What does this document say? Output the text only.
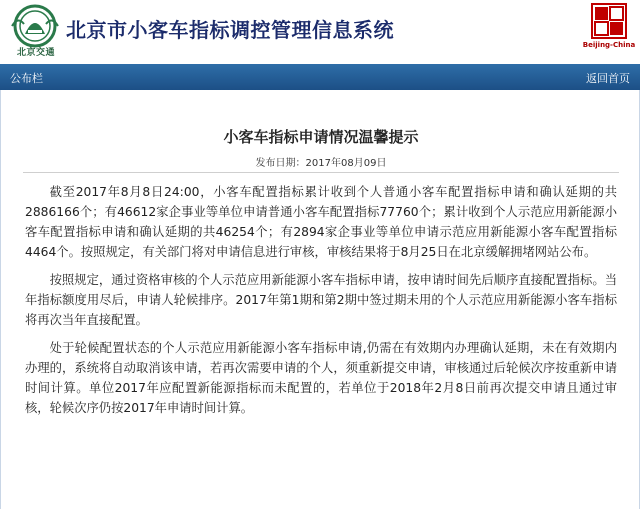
北京交通
北京市小客车指标调控管理信息系统
Beijing-China
公布栏	返回首页
小客车指标申请情况温馨提示
发布日期：2017年08月09日

截至2017年8月8日24:00，小客车配置指标累计收到个人普通小客车配置指标申请和确认延期的共2886166个；有46612家企事业等单位申请普通小客车配置指标77760个；累计收到个人示范应用新能源小客车配置指标申请和确认延期的共46254个；有2894家企事业等单位申请示范应用新能源小客车配置指标4464个。按照规定，有关部门将对申请信息进行审核，审核结果将于8月25日在北京缓解拥堵网站公布。

按照规定，通过资格审核的个人示范应用新能源小客车指标申请，按申请时间先后顺序直接配置指标。当年指标额度用尽后，申请人轮候排序。2017年第1期和第2期中签过期未用的个人示范应用新能源小客车指标将再次当年直接配置。

处于轮候配置状态的个人示范应用新能源小客车指标申请,仍需在有效期内办理确认延期，未在有效期内办理的，系统将自动取消该申请，若再次需要申请的个人，须重新提交申请，审核通过后轮候次序按重新申请时间计算。单位2017年应配置新能源指标而未配置的，若单位于2018年2月8日前再次提交申请且通过审核，轮候次序仍按2017年申请时间计算。
